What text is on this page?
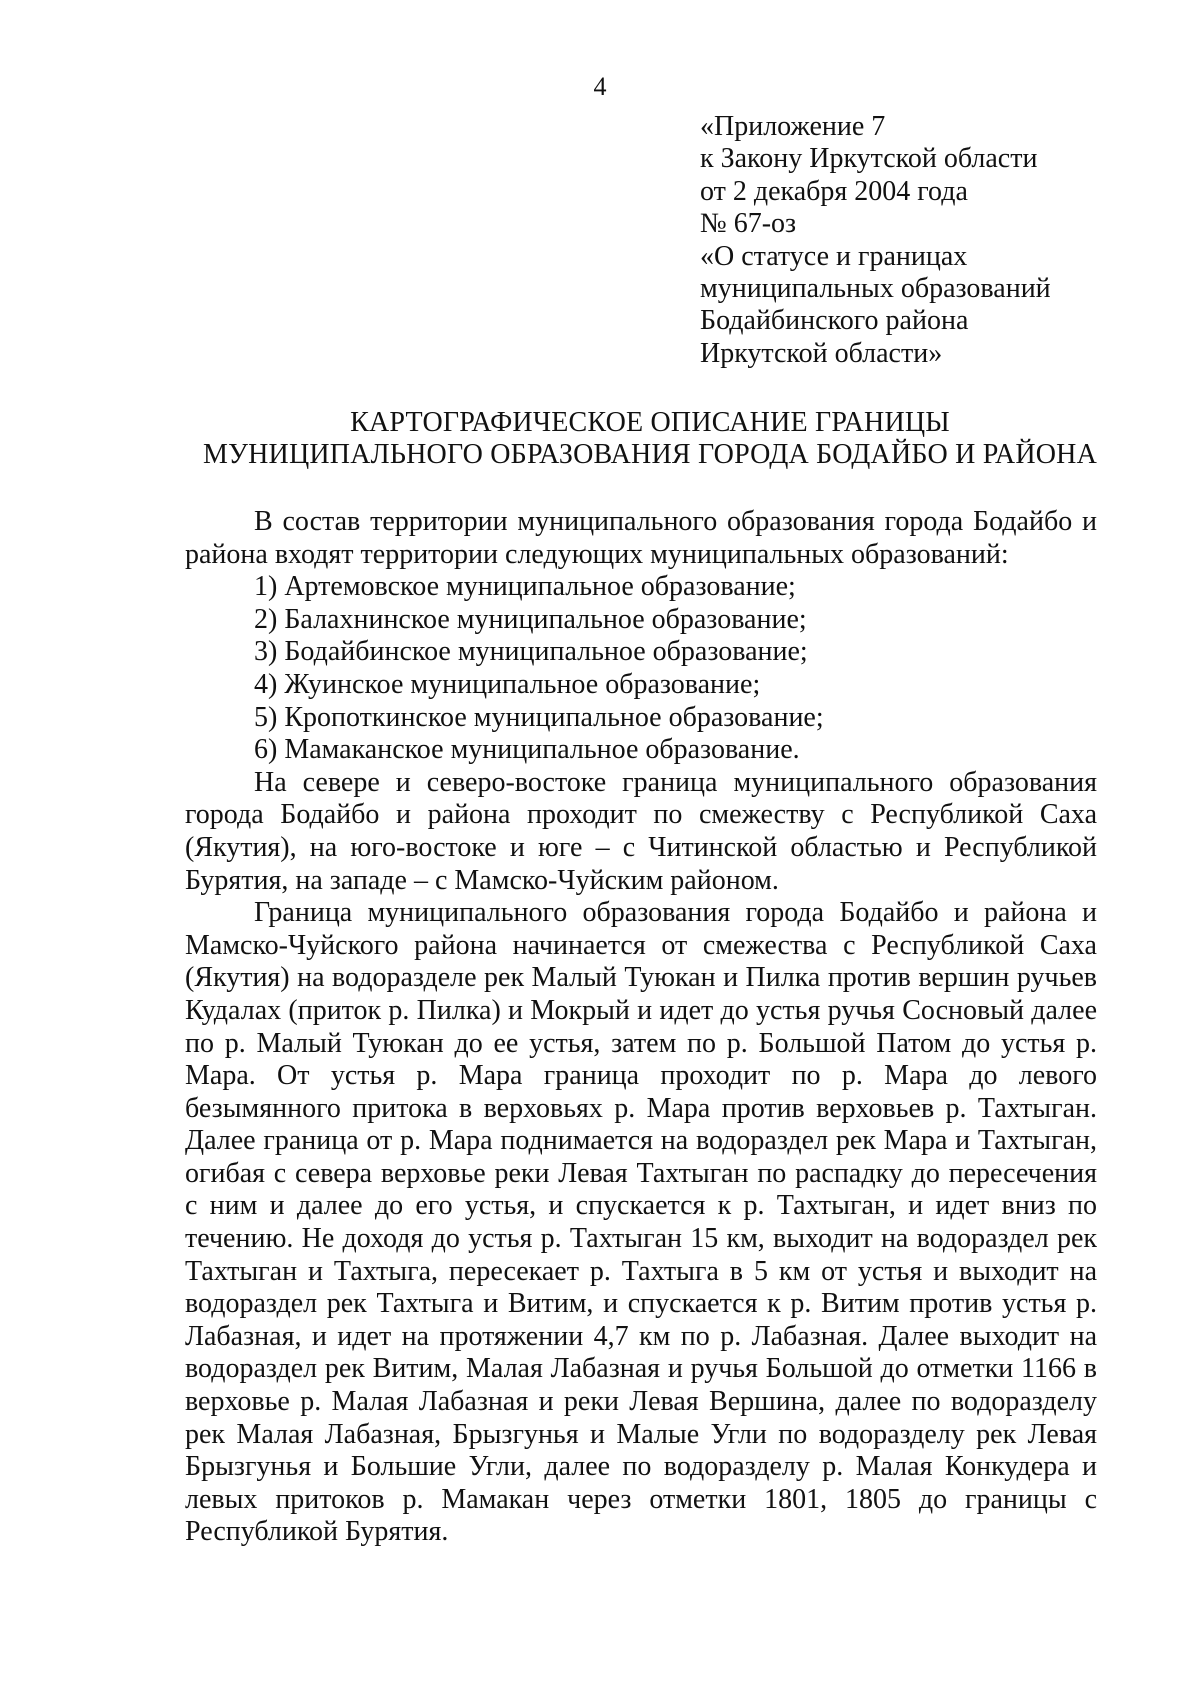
4
«Приложение 7
к Закону Иркутской области
от 2 декабря 2004 года
№ 67-оз
«О статусе и границах
муниципальных образований
Бодайбинского района
Иркутской области»
КАРТОГРАФИЧЕСКОЕ ОПИСАНИЕ ГРАНИЦЫ
МУНИЦИПАЛЬНОГО ОБРАЗОВАНИЯ ГОРОДА БОДАЙБО И РАЙОНА

В состав территории муниципального образования города Бодайбо и района входят территории следующих муниципальных образований:

1) Артемовское муниципальное образование;
2) Балахнинское муниципальное образование;
3) Бодайбинское муниципальное образование;
4) Жуинское муниципальное образование;
5) Кропоткинское муниципальное образование;
6) Мамаканское муниципальное образование.

На севере и северо-востоке граница муниципального образования города Бодайбо и района проходит по смежеству с Республикой Саха (Якутия), на юго-востоке и юге – с Читинской областью и Республикой Бурятия, на западе – с Мамско-Чуйским районом.

Граница муниципального образования города Бодайбо и района и Мамско-Чуйского района начинается от смежества с Республикой Саха (Якутия) на водоразделе рек Малый Туюкан и Пилка против вершин ручьев Кудалах (приток р. Пилка) и Мокрый и идет до устья ручья Сосновый далее по р. Малый Туюкан до ее устья, затем по р. Большой Патом до устья р. Мара. От устья р. Мара граница проходит по р. Мара до левого безымянного притока в верховьях р. Мара против верховьев р. Тахтыган. Далее граница от р. Мара поднимается на водораздел рек Мара и Тахтыган, огибая с севера верховье реки Левая Тахтыган по распадку до пересечения с ним и далее до его устья, и спускается к р. Тахтыган, и идет вниз по течению. Не доходя до устья р. Тахтыган 15 км, выходит на водораздел рек Тахтыган и Тахтыга, пересекает р. Тахтыга в 5 км от устья и выходит на водораздел рек Тахтыга и Витим, и спускается к р. Витим против устья р. Лабазная, и идет на протяжении 4,7 км по р. Лабазная. Далее выходит на водораздел рек Витим, Малая Лабазная и ручья Большой до отметки 1166 в верховье р. Малая Лабазная и реки Левая Вершина, далее по водоразделу рек Малая Лабазная, Брызгунья и Малые Угли по водоразделу рек Левая Брызгунья и Большие Угли, далее по водоразделу р. Малая Конкудера и левых притоков р. Мамакан через отметки 1801, 1805 до границы с Республикой Бурятия.
